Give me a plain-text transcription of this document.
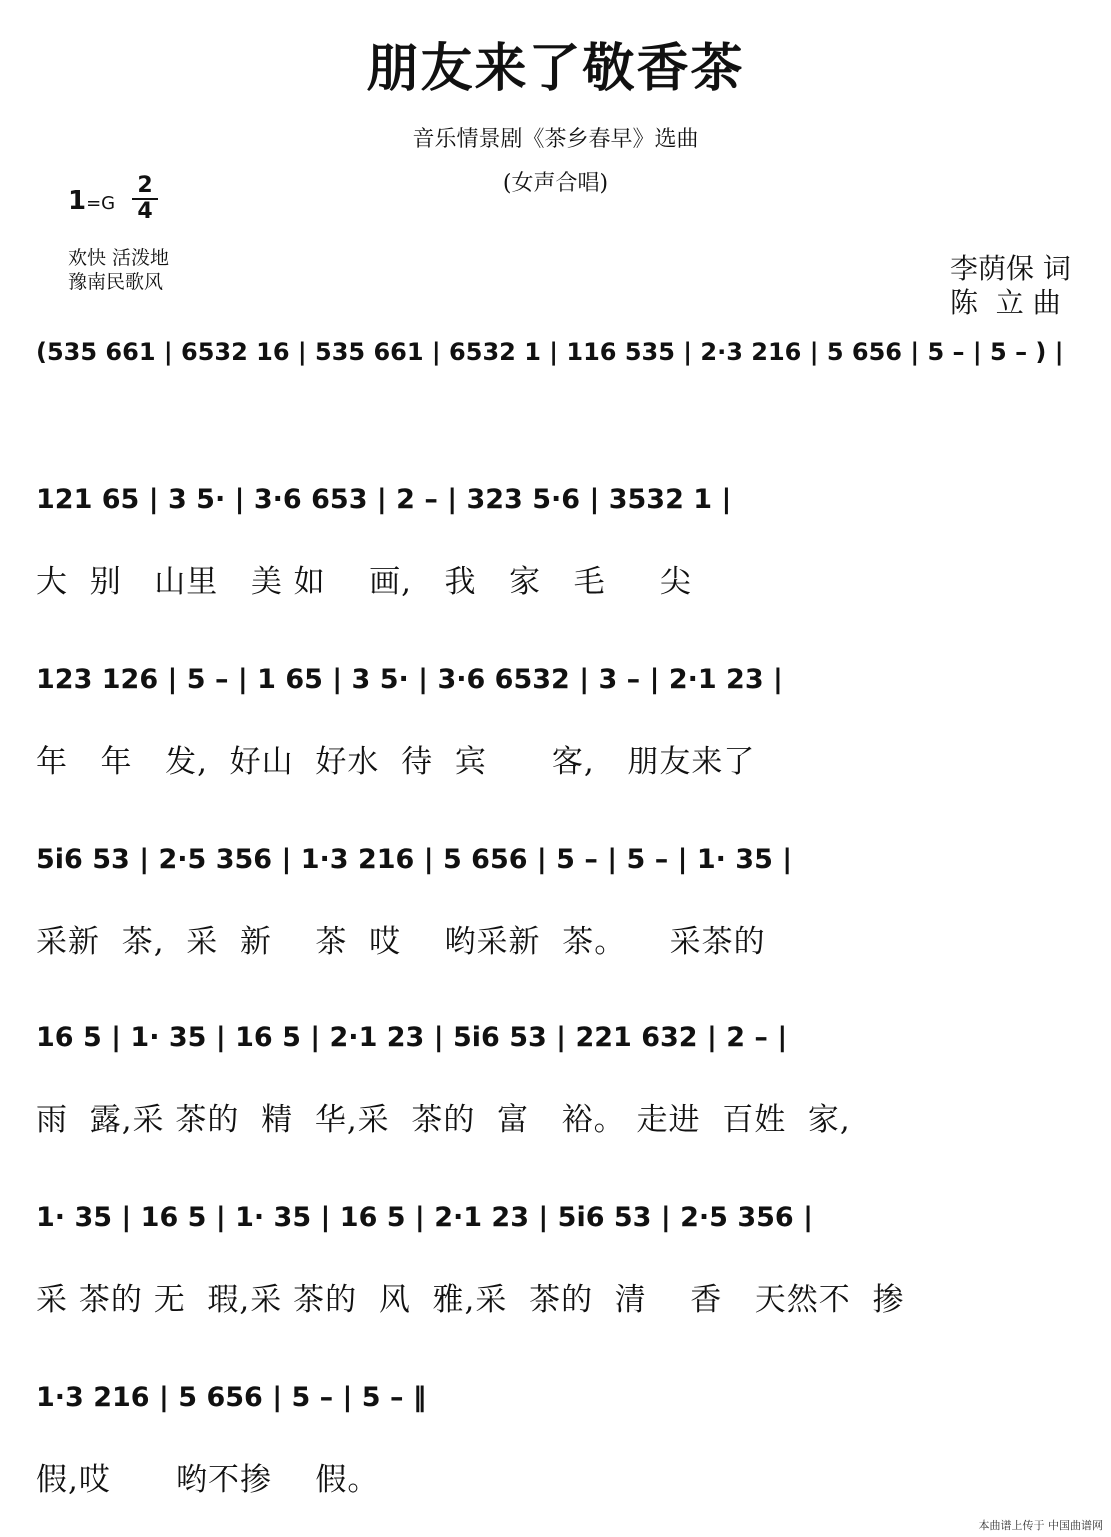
朋友来了敬香茶
音乐情景剧《茶乡春早》选曲
(女声合唱)
1=G
2
4
欢快 活泼地
豫南民歌风	李荫保 词
陈  立 曲
(535 661 | 6532 16 | 535 661 | 6532 1 | 116 535 | 2·3 216 | 5 656 | 5 – | 5 – ) |
121 65 | 3 5· | 3·6 653 | 2 – | 323 5·6 | 3532 1 |
大  别   山里   美 如    画,   我   家   毛     尖
123 126 | 5 – | 1 65 | 3 5· | 3·6 6532 | 3 – | 2·1 23 |
年   年   发,  好山  好水  待  宾      客,   朋友来了
5i6 53 | 2·5 356 | 1·3 216 | 5 656 | 5 – | 5 – | 1· 35 |
采新  茶,  采  新    茶  哎    哟采新  茶。    采茶的
16 5 | 1· 35 | 16 5 | 2·1 23 | 5i6 53 | 221 632 | 2 – |
雨  露,采 茶的  精  华,采  茶的  富   裕。 走进  百姓  家,
1· 35 | 16 5 | 1· 35 | 16 5 | 2·1 23 | 5i6 53 | 2·5 356 |
采 茶的 无  瑕,采 茶的  风  雅,采  茶的  清    香   天然不  掺
1·3 216 | 5 656 | 5 – | 5 – ‖
假,哎      哟不掺    假。
本曲谱上传于 中国曲谱网
